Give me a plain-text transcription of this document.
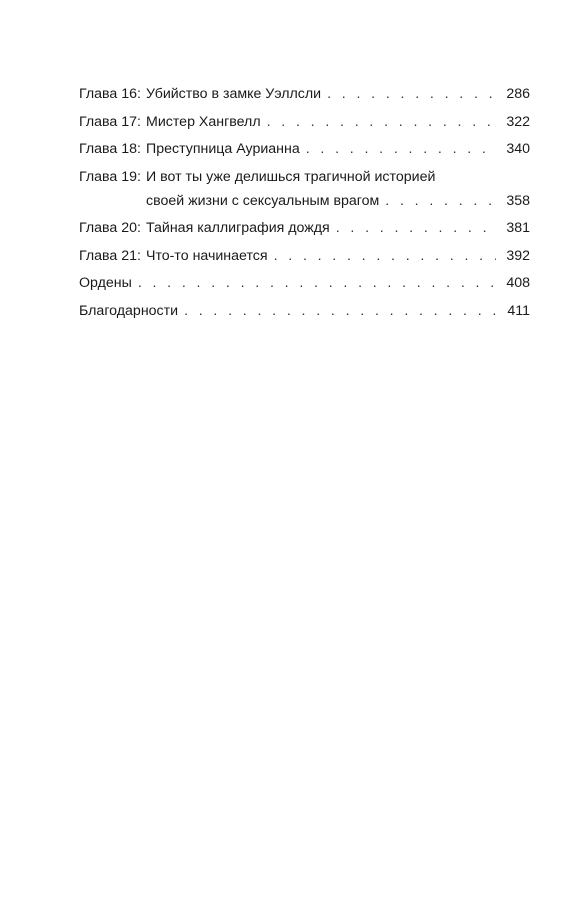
Глава 16: Убийство в замке Уэллсли . . .	286
Глава 17: Мистер Хангвелл . . .	322
Глава 18: Преступница Аурианна . . .	340
Глава 19: И вот ты уже делишься трагичной историей
своей жизни с сексуальным врагом . . .	358
Глава 20: Тайная каллиграфия дождя . . .	381
Глава 21: Что-то начинается . . .	392
Ордены . . .	408
Благодарности . . .	411
